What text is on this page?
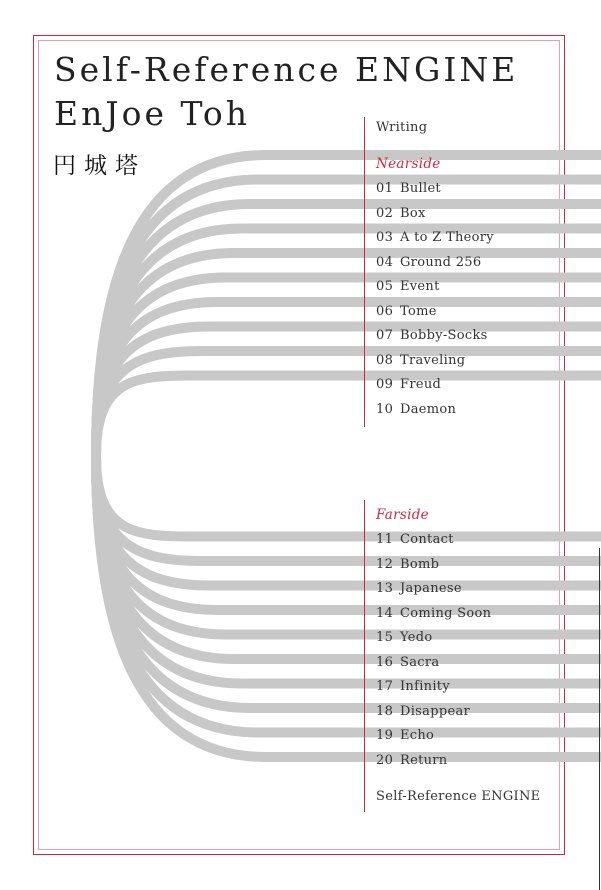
Self-Reference ENGINE
EnJoe Toh
円城塔
Writing
Nearside
01 Bullet
02 Box
03 A to Z Theory
04 Ground 256
05 Event
06 Tome
07 Bobby-Socks
08 Traveling
09 Freud
10 Daemon
Farside
11 Contact
12 Bomb
13 Japanese
14 Coming Soon
15 Yedo
16 Sacra
17 Infinity
18 Disappear
19 Echo
20 Return
Self-Reference ENGINE
